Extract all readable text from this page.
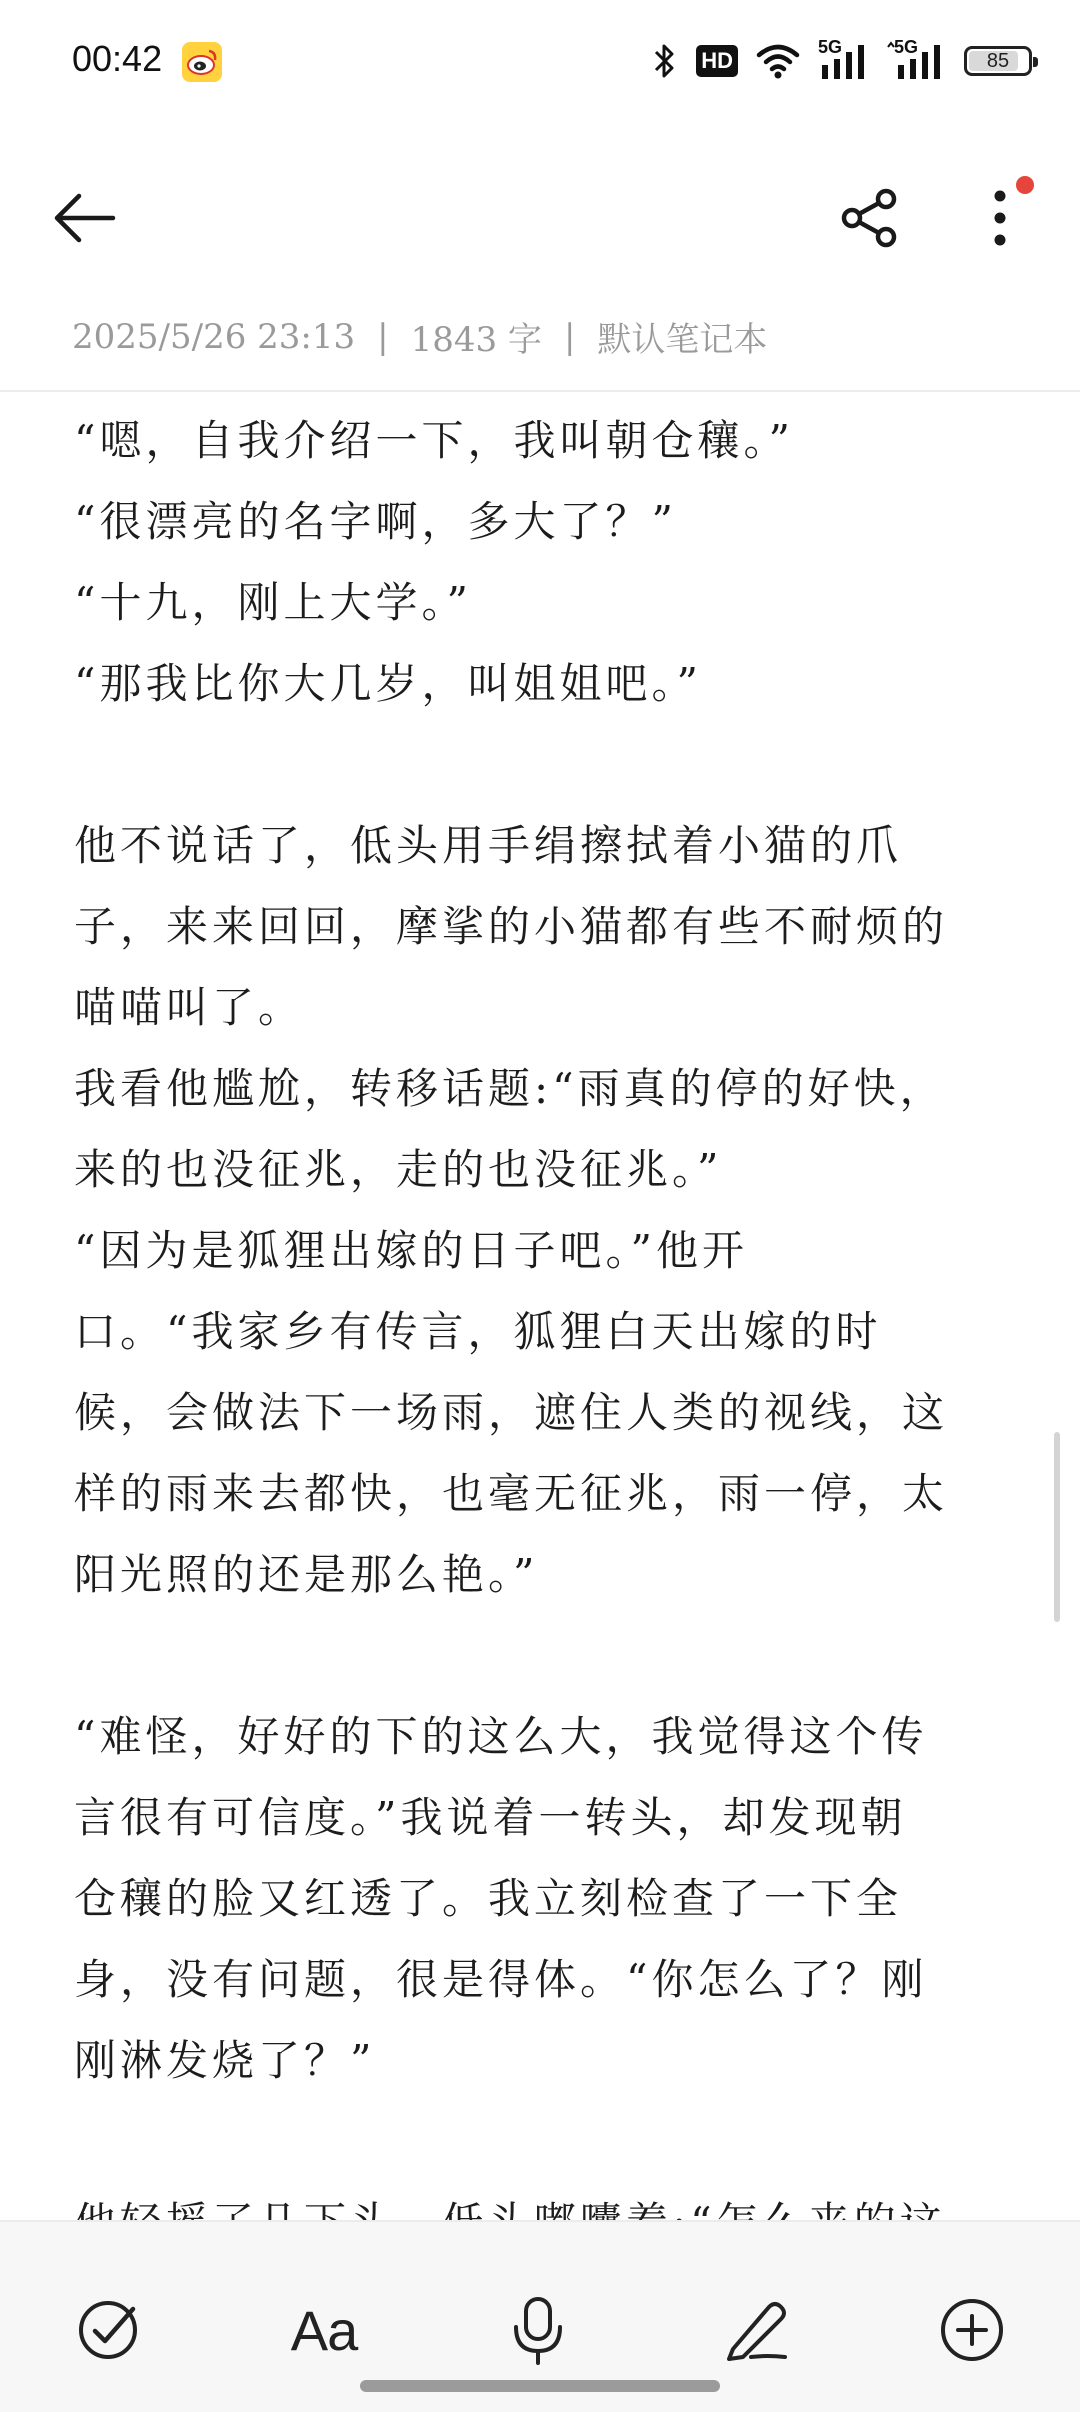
00:42	HD
5G	5G
85
2025/5/26 23:13 | 1843 字 | 默认笔记本

“嗯，自我介绍一下，我叫朝仓穰。”

“很漂亮的名字啊，多大了？”

“十九，刚上大学。”

“那我比你大几岁，叫姐姐吧。”

他不说话了，低头用手绢擦拭着小猫的爪

子，来来回回，摩挲的小猫都有些不耐烦的

喵喵叫了。

我看他尴尬，转移话题:“雨真的停的好快，

来的也没征兆，走的也没征兆。”

“因为是狐狸出嫁的日子吧。”他开

口。“我家乡有传言，狐狸白天出嫁的时

候，会做法下一场雨，遮住人类的视线，这

样的雨来去都快，也毫无征兆，雨一停，太

阳光照的还是那么艳。”

“难怪，好好的下的这么大，我觉得这个传

言很有可信度。”我说着一转头，却发现朝

仓穰的脸又红透了。我立刻检查了一下全

身，没有问题，很是得体。“你怎么了？刚

刚淋发烧了？”

Aa
